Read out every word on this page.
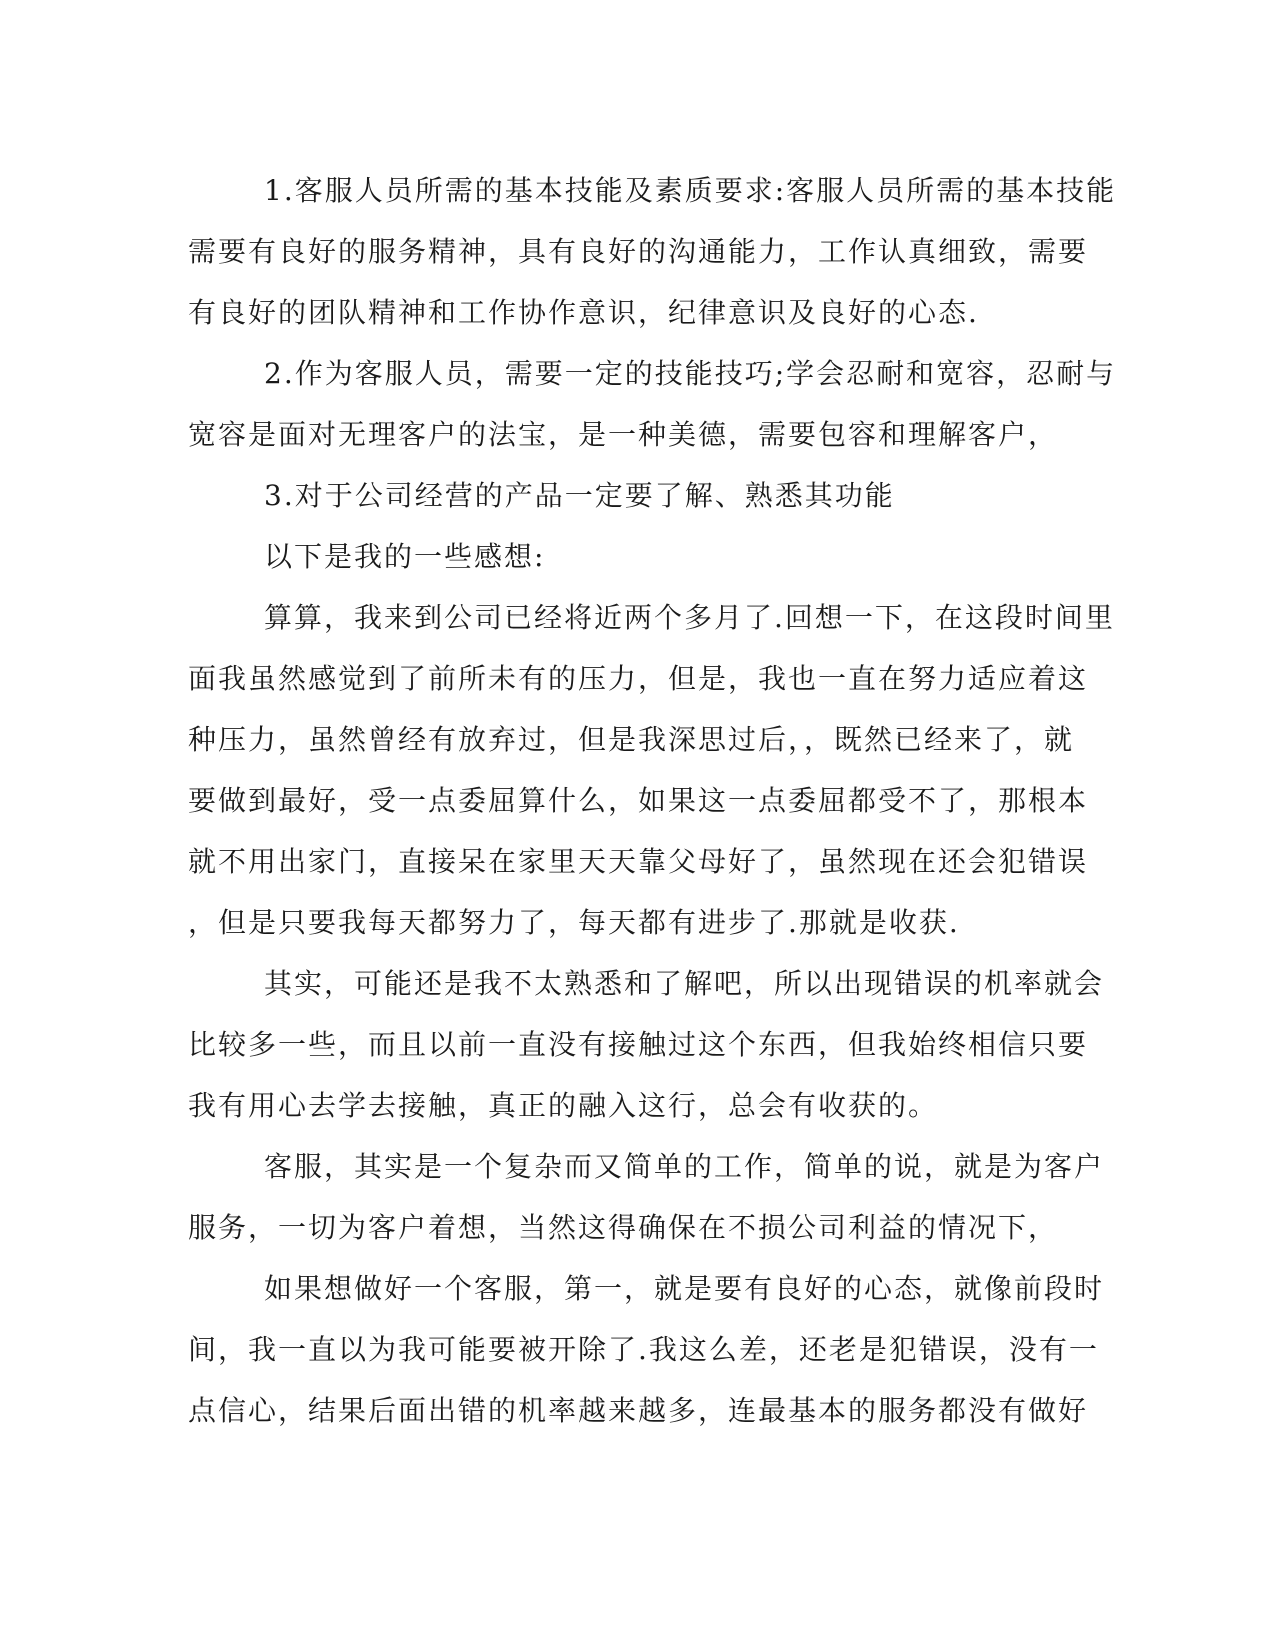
1.客服人员所需的基本技能及素质要求:客服人员所需的基本技能
需要有良好的服务精神，具有良好的沟通能力，工作认真细致，需要
有良好的团队精神和工作协作意识，纪律意识及良好的心态.

2.作为客服人员，需要一定的技能技巧;学会忍耐和宽容，忍耐与
宽容是面对无理客户的法宝，是一种美德，需要包容和理解客户，

3.对于公司经营的产品一定要了解、熟悉其功能

以下是我的一些感想:

算算，我来到公司已经将近两个多月了.回想一下，在这段时间里
面我虽然感觉到了前所未有的压力，但是，我也一直在努力适应着这
种压力，虽然曾经有放弃过，但是我深思过后，，既然已经来了，就
要做到最好，受一点委屈算什么，如果这一点委屈都受不了，那根本
就不用出家门，直接呆在家里天天靠父母好了，虽然现在还会犯错误
，但是只要我每天都努力了，每天都有进步了.那就是收获.

其实，可能还是我不太熟悉和了解吧，所以出现错误的机率就会
比较多一些，而且以前一直没有接触过这个东西，但我始终相信只要
我有用心去学去接触，真正的融入这行，总会有收获的。

客服，其实是一个复杂而又简单的工作，简单的说，就是为客户
服务，一切为客户着想，当然这得确保在不损公司利益的情况下，

如果想做好一个客服，第一，就是要有良好的心态，就像前段时
间，我一直以为我可能要被开除了.我这么差，还老是犯错误，没有一
点信心，结果后面出错的机率越来越多，连最基本的服务都没有做好
